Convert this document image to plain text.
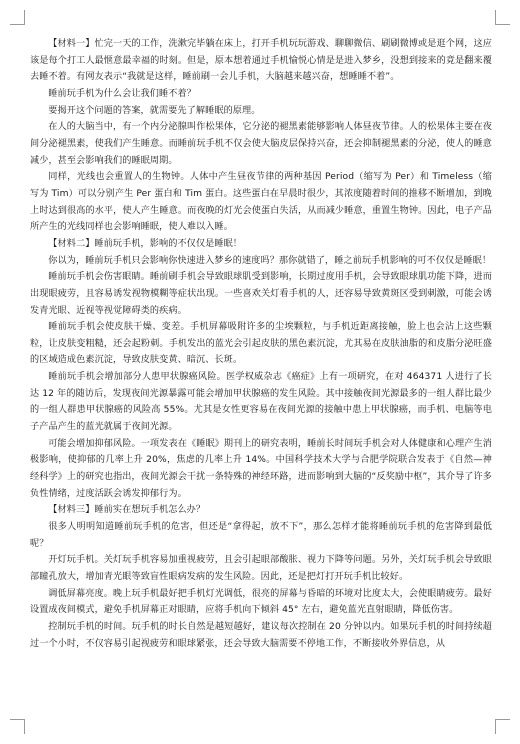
【材料一】忙完一天的工作，洗漱完毕躺在床上，打开手机玩玩游戏、聊聊微信、刷刷微博或是逛个网，这应该是每个打工人最惬意最幸福的时刻。但是，原本想着通过手机愉悦心情是是进入梦乡，没想到接来的竟是翻来覆去睡不着。有网友表示“我就是这样，睡前刷一会儿手机，大脑越来越兴奋，想睡睡不着”。

睡前玩手机为什么会让我们睡不着？

要揭开这个问题的答案，就需要先了解睡眠的原理。

在人的大脑当中，有一个内分泌腺叫作松果体，它分泌的褪黑素能够影响人体昼夜节律。人的松果体主要在夜间分泌褪黑素，使我们产生睡意。而睡前玩手机不仅会使大脑皮层保持兴奋，还会抑制褪黑素的分泌，使人的睡意减少，甚至会影响我们的睡眠周期。

同样，光线也会重置人的生物钟。人体中产生昼夜节律的两种基因 Period（缩写为 Per）和 Timeless（缩写为 Tim）可以分别产生 Per 蛋白和 Tim 蛋白。这些蛋白在早晨时很少，其浓度随着时间的推移不断增加，到晚上时达到很高的水平，使人产生睡意。而夜晚的灯光会使蛋白失活，从而减少睡意，重置生物钟。因此，电子产品所产生的光线同样也会影响睡眠，使人难以入睡。

【材料二】睡前玩手机，影响的不仅仅是睡眠！

你以为，睡前玩手机只会影响你快速进入梦乡的速度吗？那你就错了，睡之前玩手机影响的可不仅仅是睡眠！

睡前玩手机会伤害眼睛。睡前刷手机会导致眼球肌受到影响，长期过度用手机，会导致眼球肌功能下降，进而出现眼疲劳，且容易诱发视物模糊等症状出现。一些喜欢关灯看手机的人，还容易导致黄斑区受到刺激，可能会诱发青光眼、近视等视觉障碍类的疾病。

睡前玩手机会使皮肤干燥、变差。手机屏幕吸附许多的尘埃颗粒，与手机近距离接触，脸上也会沾上这些颗粒，让皮肤变粗糙，还会起粉刺。手机发出的蓝光会引起皮肤的黑色素沉淀，尤其易在皮肤油脂的和皮脂分泌旺盛的区域造成色素沉淀，导致皮肤变黄、暗沉、长斑。

睡前玩手机会增加部分人患甲状腺癌风险。医学权威杂志《癌症》上有一项研究，在对 464371 人进行了长达 12 年的随访后，发现夜间光源暴露可能会增加甲状腺癌的发生风险。其中接触夜间光源最多的一组人群比最少的一组人群患甲状腺癌的风险高 55%。尤其是女性更容易在夜间光源的接触中患上甲状腺癌，而手机、电脑等电子产品产生的蓝光就属于夜间光源。

可能会增加抑郁风险。一项发表在《睡眠》期刊上的研究表明，睡前长时间玩手机会对人体健康和心理产生消极影响，使抑郁的几率上升 20%，焦虑的几率上升 14%。中国科学技术大学与合肥学院联合发表于《自然—神经科学》上的研究也指出，夜间光源会干扰一条特殊的神经环路，进而影响到大脑的“反奖励中枢”，其介导了许多负性情绪，过度活跃会诱发抑郁行为。

【材料三】睡前实在想玩手机怎么办？

很多人明明知道睡前玩手机的危害，但还是“拿得起，放不下”，那么怎样才能将睡前玩手机的危害降到最低呢？

开灯玩手机。关灯玩手机容易加重视疲劳，且会引起眼部酸胀、视力下降等问题。另外，关灯玩手机会导致眼部瞳孔放大，增加青光眼等致盲性眼病发病的发生风险。因此，还是把灯打开玩手机比较好。

调低屏幕亮度。晚上玩手机最好把手机灯光调低，很亮的屏幕与昏暗的环境对比度太大，会使眼睛疲劳。最好设置成夜间模式，避免手机屏幕正对眼睛，应将手机向下倾斜 45° 左右，避免蓝光直射眼睛，降低伤害。

控制玩手机的时间。玩手机的时长自然是越短越好，建议每次控制在 20 分钟以内。如果玩手机的时间持续超过一个小时，不仅容易引起视疲劳和眼球紧张，还会导致大脑需要不停地工作，不断接收外界信息，从
